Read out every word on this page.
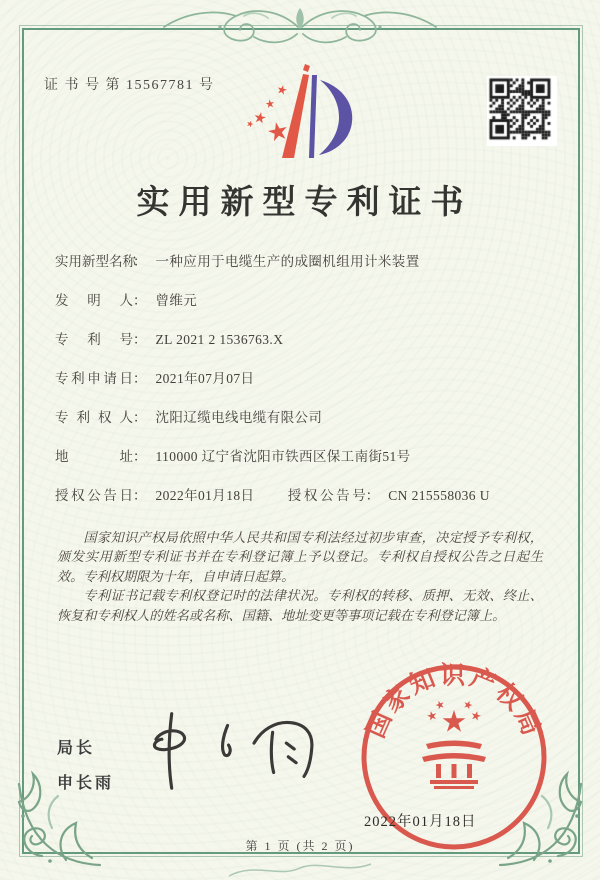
证 书 号 第 15567781 号
实用新型专利证书
实用新型名称： 一种应用于电缆生产的成圈机组用计米装置
发明人： 曾维元
专利号： ZL 2021 2 1536763.X
专利申请日： 2021年07月07日
专利权人： 沈阳辽缆电线电缆有限公司
地址： 110000 辽宁省沈阳市铁西区保工南街51号
授权公告日： 2022年01月18日 授权公告号： CN 215558036 U

国家知识产权局依照中华人民共和国专利法经过初步审查，决定授予专利权，颁发实用新型专利证书并在专利登记簿上予以登记。专利权自授权公告之日起生效。专利权期限为十年，自申请日起算。

专利证书记载专利权登记时的法律状况。专利权的转移、质押、无效、终止、恢复和专利权人的姓名或名称、国籍、地址变更等事项记载在专利登记簿上。

局长
申长雨
国家知识产权局
2022年01月18日
第 1 页 (共 2 页)
